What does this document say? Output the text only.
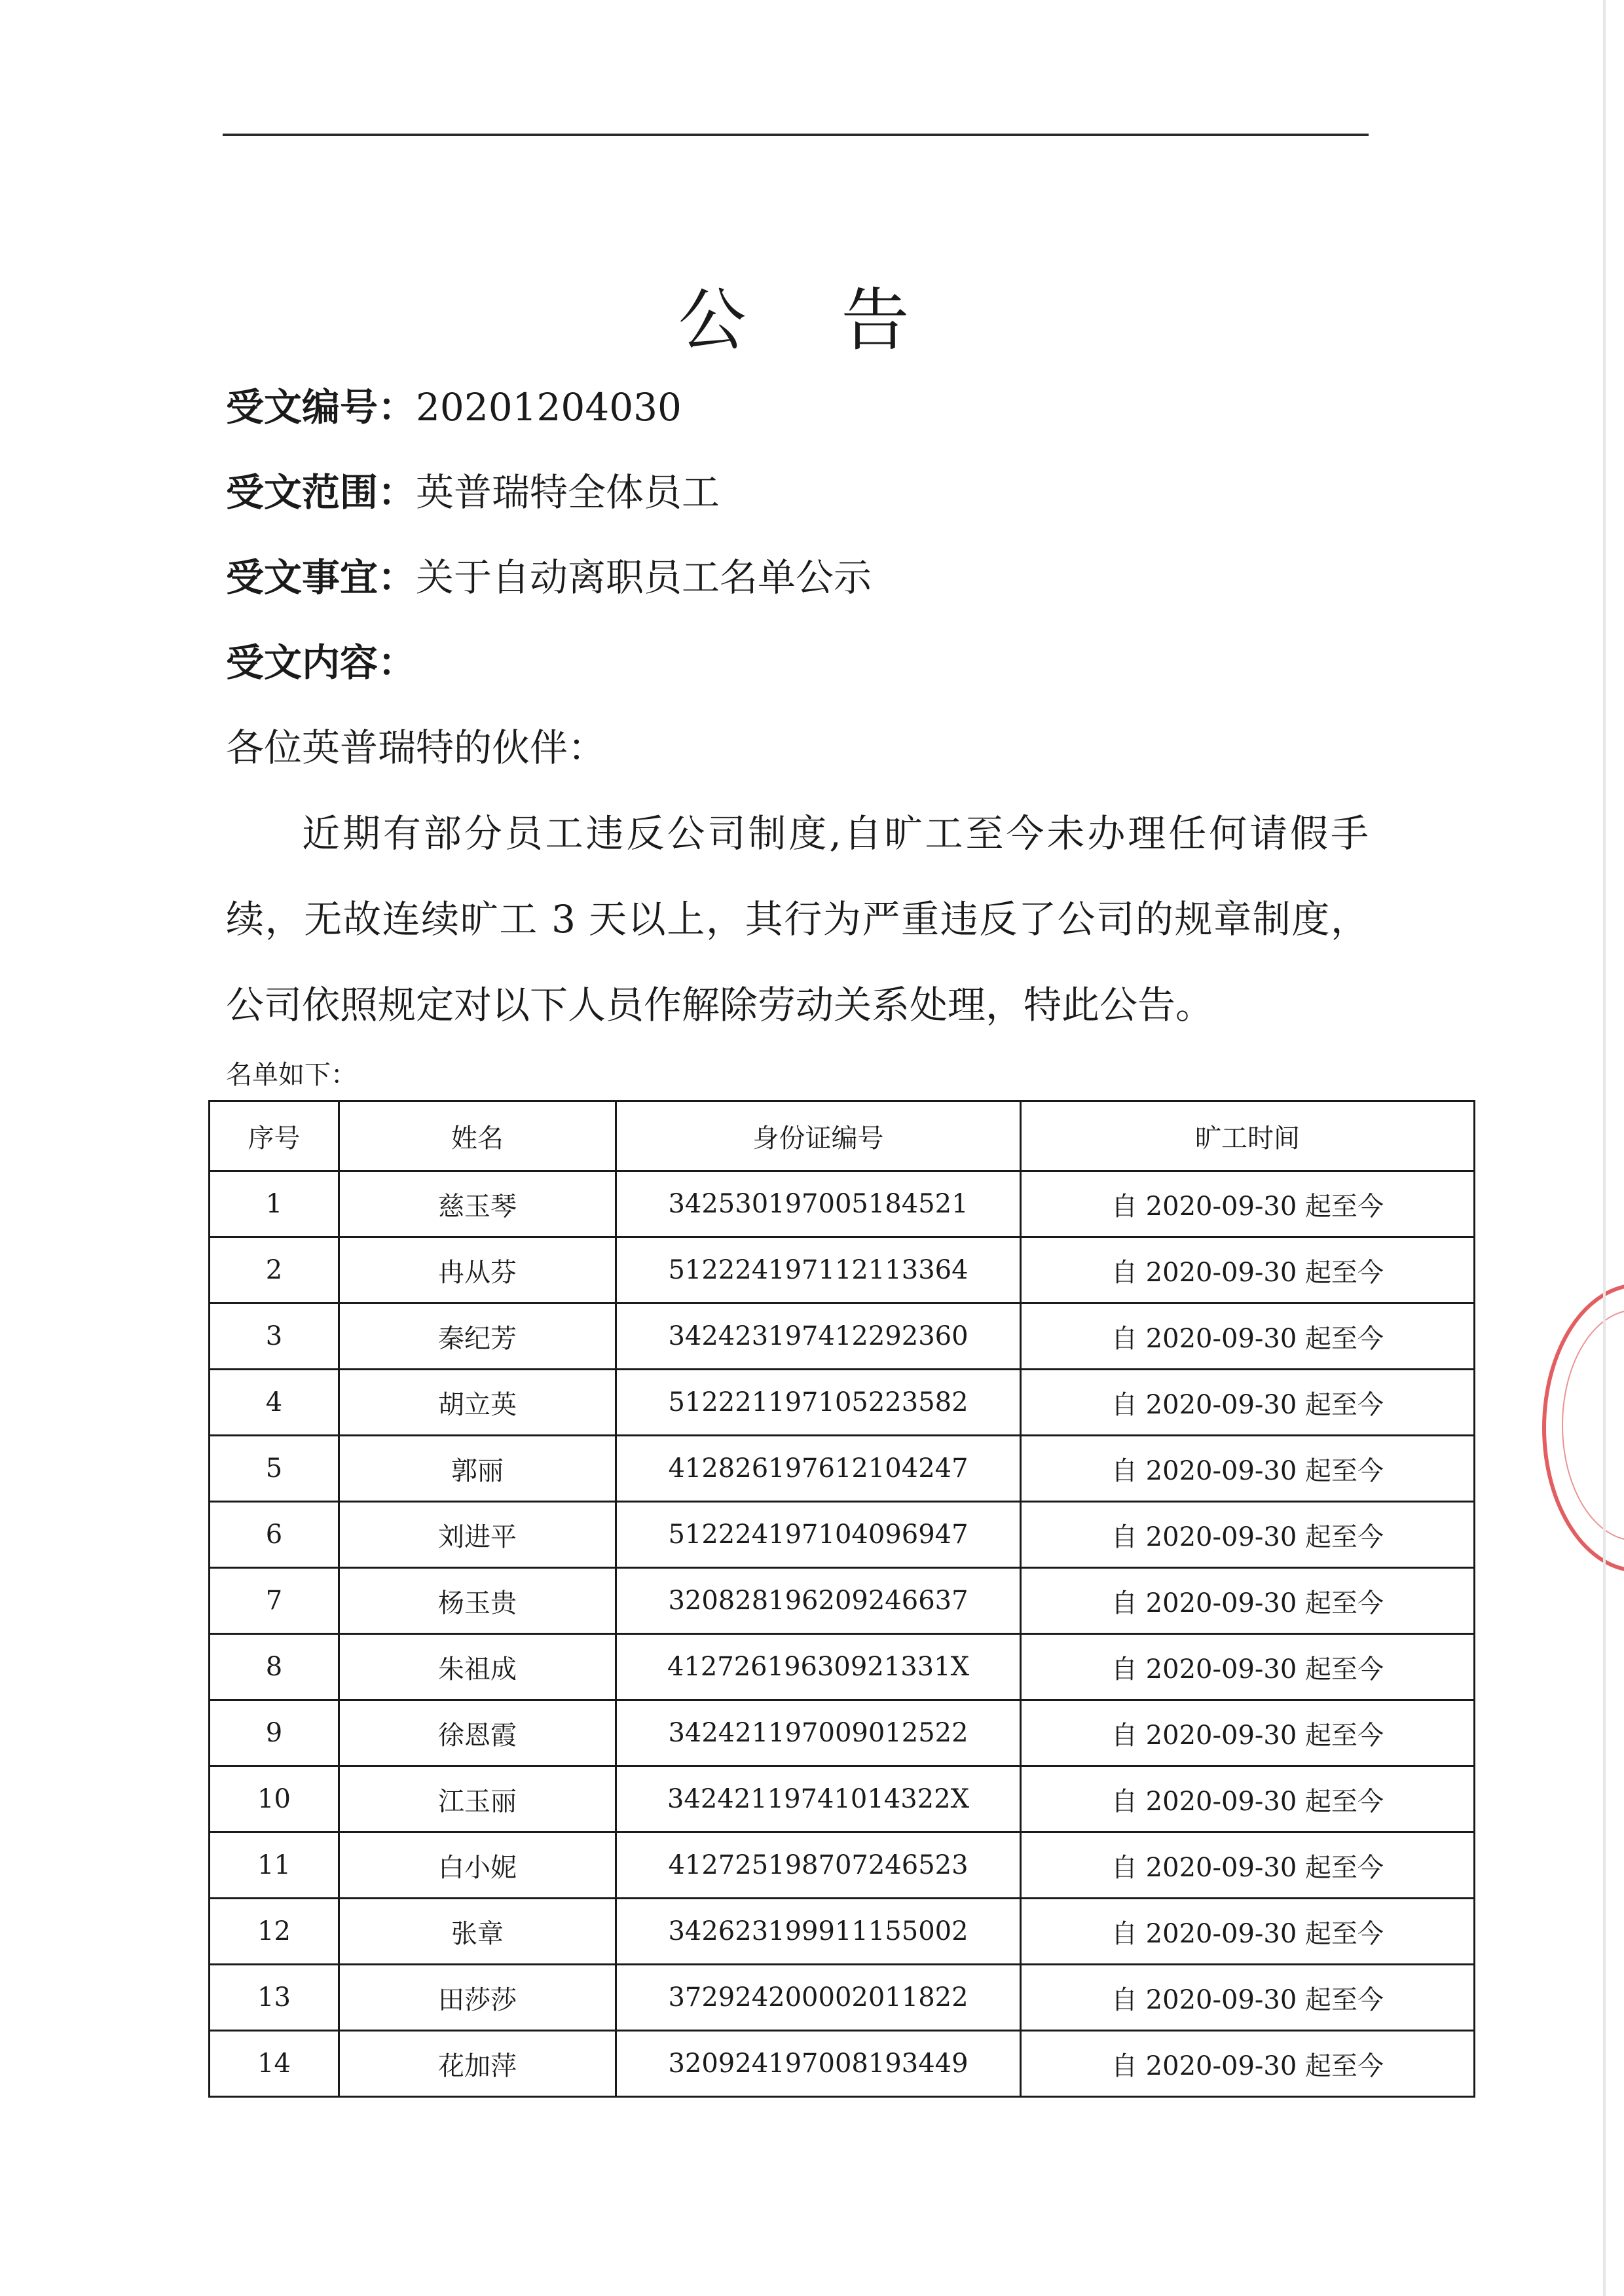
公 告
受文编号：20201204030
受文范围：英普瑞特全体员工
受文事宜：关于自动离职员工名单公示
受文内容：
各位英普瑞特的伙伴：
近期有部分员工违反公司制度,自旷工至今未办理任何请假手续，无故连续旷工 3 天以上，其行为严重违反了公司的规章制度，公司依照规定对以下人员作解除劳动关系处理，特此公告。
名单如下：
序号	姓名	身份证编号	旷工时间
1	慈玉琴	342530197005184521	自 2020-09-30 起至今
2	冉从芬	512224197112113364	自 2020-09-30 起至今
3	秦纪芳	342423197412292360	自 2020-09-30 起至今
4	胡立英	512221197105223582	自 2020-09-30 起至今
5	郭丽	412826197612104247	自 2020-09-30 起至今
6	刘进平	512224197104096947	自 2020-09-30 起至今
7	杨玉贵	320828196209246637	自 2020-09-30 起至今
8	朱祖成	41272619630921331X	自 2020-09-30 起至今
9	徐恩霞	342421197009012522	自 2020-09-30 起至今
10	江玉丽	34242119741014322X	自 2020-09-30 起至今
11	白小妮	412725198707246523	自 2020-09-30 起至今
12	张章	342623199911155002	自 2020-09-30 起至今
13	田莎莎	372924200002011822	自 2020-09-30 起至今
14	花加萍	320924197008193449	自 2020-09-30 起至今
